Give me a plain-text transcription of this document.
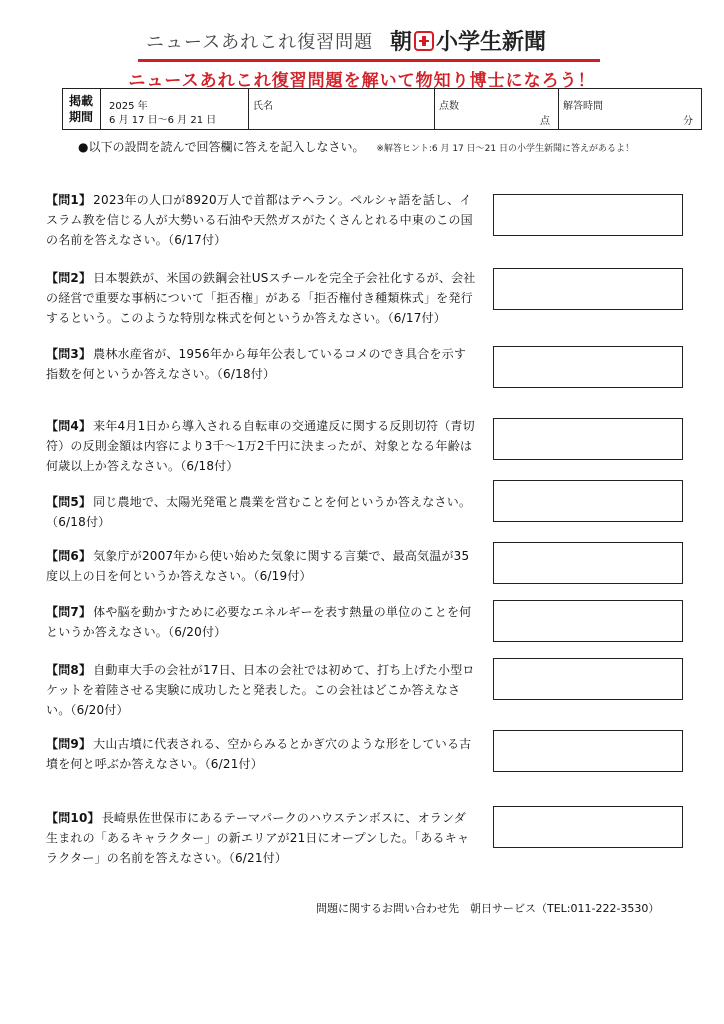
ニュースあれこれ復習問題 朝 小学生新聞
ニュースあれこれ復習問題を解いて物知り博士になろう！
掲載期間
2025 年
6 月 17 日～6 月 21 日
氏名	点数
点
解答時間
分
●以下の設問を読んで回答欄に答えを記入しなさい。 ※解答ヒント:6 月 17 日～21 日の小学生新聞に答えがあるよ！
【問1】 2023年の人口が8920万人で首都はテヘラン。ペルシャ語を話し、イスラム教を信じる人が大勢いる石油や天然ガスがたくさんとれる中東のこの国の名前を答えなさい。（6/17付）
【問2】 日本製鉄が、米国の鉄鋼会社USスチールを完全子会社化するが、会社の経営で重要な事柄について「拒否権」がある「拒否権付き種類株式」を発行するという。このような特別な株式を何というか答えなさい。（6/17付）
【問3】 農林水産省が、1956年から毎年公表しているコメのでき具合を示す指数を何というか答えなさい。（6/18付）
【問4】 来年4月1日から導入される自転車の交通違反に関する反則切符（青切符）の反則金額は内容により3千～1万2千円に決まったが、対象となる年齢は何歳以上か答えなさい。（6/18付）
【問5】 同じ農地で、太陽光発電と農業を営むことを何というか答えなさい。（6/18付）
【問6】 気象庁が2007年から使い始めた気象に関する言葉で、最高気温が35度以上の日を何というか答えなさい。（6/19付）
【問7】 体や脳を動かすために必要なエネルギーを表す熱量の単位のことを何というか答えなさい。（6/20付）
【問8】 自動車大手の会社が17日、日本の会社では初めて、打ち上げた小型ロケットを着陸させる実験に成功したと発表した。この会社はどこか答えなさい。（6/20付）
【問9】 大山古墳に代表される、空からみるとかぎ穴のような形をしている古墳を何と呼ぶか答えなさい。（6/21付）
【問10】 長崎県佐世保市にあるテーマパークのハウステンボスに、オランダ生まれの「あるキャラクター」の新エリアが21日にオープンした。「あるキャラクター」の名前を答えなさい。（6/21付）
問題に関するお問い合わせ先　朝日サービス（TEL:011-222-3530）
